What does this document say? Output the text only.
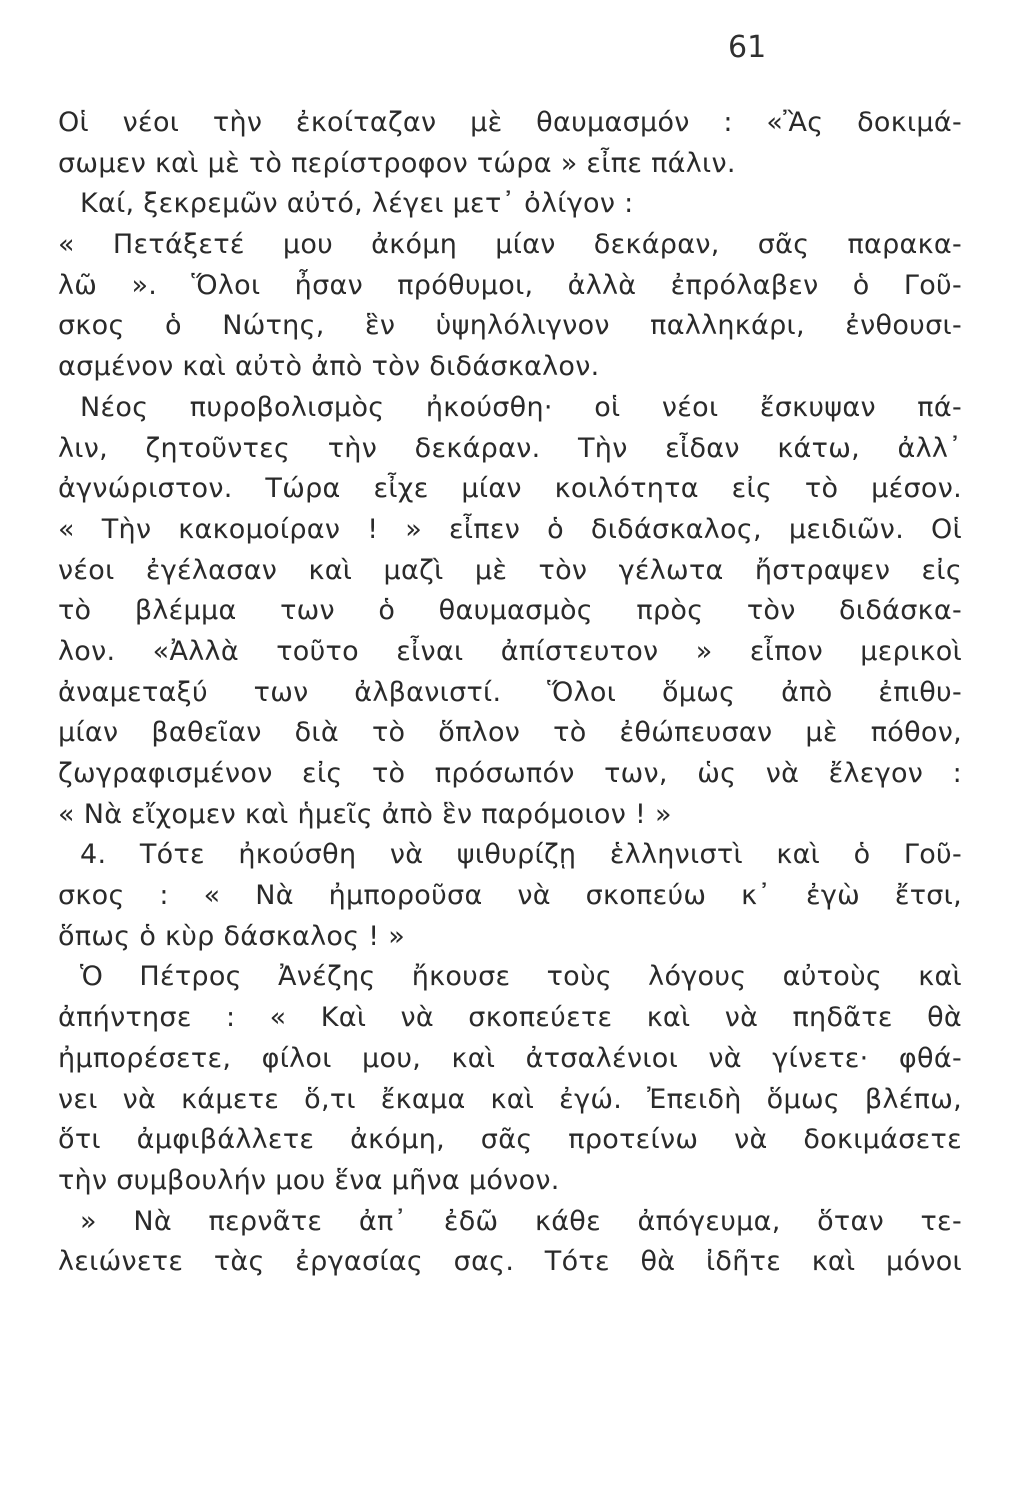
61
Οἱ νέοι τὴν ἐκοίταζαν μὲ θαυμασμόν : «Ἂς δοκιμά-
σωμεν καὶ μὲ τὸ περίστροφον τώρα » εἶπε πάλιν.
Καί, ξεκρεμῶν αὐτό, λέγει μετ᾽ ὀλίγον :
« Πετάξετέ μου ἀκόμη μίαν δεκάραν, σᾶς παρακα-
λῶ ». Ὅλοι ἦσαν πρόθυμοι, ἀλλὰ ἐπρόλαβεν ὁ Γοῦ-
σκος ὁ Νώτης, ἓν ὑψηλόλιγνον παλληκάρι, ἐνθουσι-
ασμένον καὶ αὐτὸ ἀπὸ τὸν διδάσκαλον.
Νέος πυροβολισμὸς ἠκούσθη· οἱ νέοι ἔσκυψαν πά-
λιν, ζητοῦντες τὴν δεκάραν. Τὴν εἶδαν κάτω, ἀλλ᾽
ἀγνώριστον. Τώρα εἶχε μίαν κοιλότητα εἰς τὸ μέσον.
« Τὴν κακομοίραν ! » εἶπεν ὁ διδάσκαλος, μειδιῶν. Οἱ
νέοι ἐγέλασαν καὶ μαζὶ μὲ τὸν γέλωτα ἤστραψεν εἰς
τὸ βλέμμα των ὁ θαυμασμὸς πρὸς τὸν διδάσκα-
λον. «Ἀλλὰ τοῦτο εἶναι ἀπίστευτον » εἶπον μερικοὶ
ἀναμεταξύ των ἀλβανιστί. Ὅλοι ὅμως ἀπὸ ἐπιθυ-
μίαν βαθεῖαν διὰ τὸ ὅπλον τὸ ἐθώπευσαν μὲ πόθον,
ζωγραφισμένον εἰς τὸ πρόσωπόν των, ὡς νὰ ἔλεγον :
« Νὰ εἴχομεν καὶ ἡμεῖς ἀπὸ ἓν παρόμοιον ! »
4. Τότε ἠκούσθη νὰ ψιθυρίζῃ ἑλληνιστὶ καὶ ὁ Γοῦ-
σκος : « Νὰ ἠμποροῦσα νὰ σκοπεύω κ᾽ ἐγὼ ἔτσι,
ὅπως ὁ κὺρ δάσκαλος ! »
Ὁ Πέτρος Ἀνέζης ἤκουσε τοὺς λόγους αὐτοὺς καὶ
ἀπήντησε : « Καὶ νὰ σκοπεύετε καὶ νὰ πηδᾶτε θὰ
ἠμπορέσετε, φίλοι μου, καὶ ἀτσαλένιοι νὰ γίνετε· φθά-
νει νὰ κάμετε ὅ,τι ἔκαμα καὶ ἐγώ. Ἐπειδὴ ὅμως βλέπω,
ὅτι ἀμφιβάλλετε ἀκόμη, σᾶς προτείνω νὰ δοκιμάσετε
τὴν συμβουλήν μου ἕνα μῆνα μόνον.
» Νὰ περνᾶτε ἀπ᾽ ἐδῶ κάθε ἀπόγευμα, ὅταν τε-
λειώνετε τὰς ἐργασίας σας. Τότε θὰ ἰδῆτε καὶ μόνοι
